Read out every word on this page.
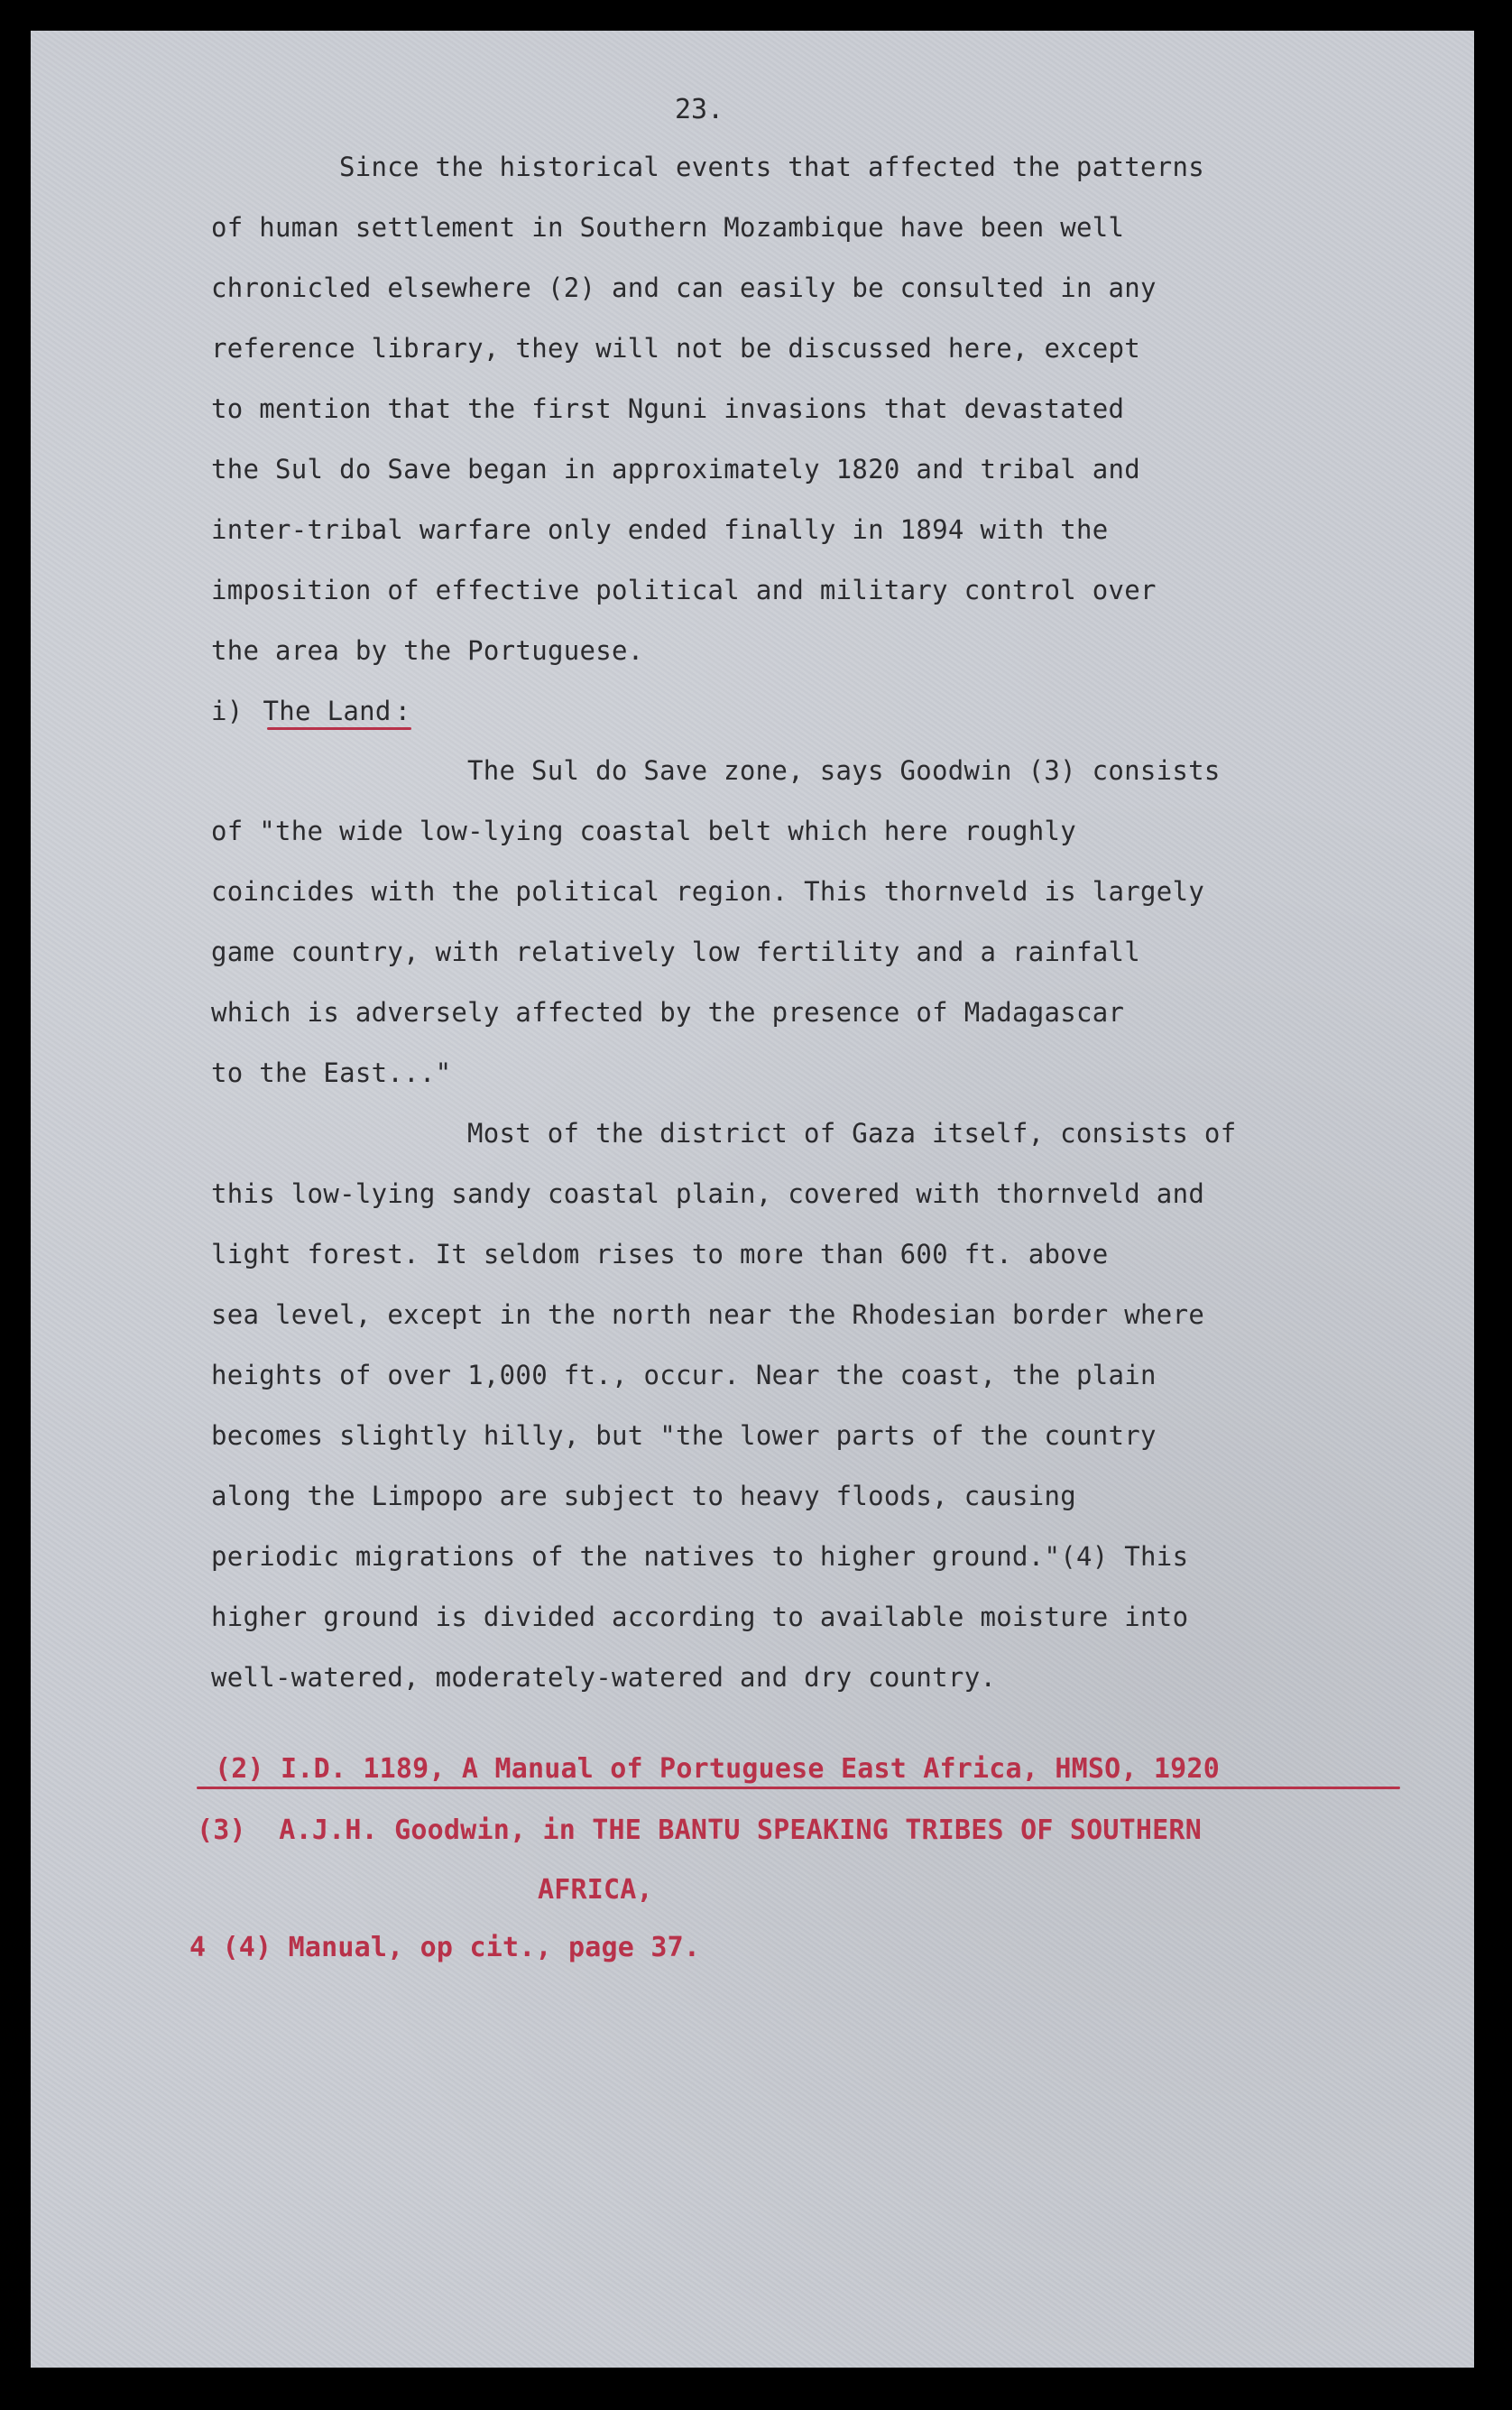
23.
Since the historical events that affected the patterns
of human settlement in Southern Mozambique have been well
chronicled elsewhere (2) and can easily be consulted in any
reference library, they will not be discussed here, except
to mention that the first Nguni invasions that devastated
the Sul do Save began in approximately 1820 and tribal and
inter-tribal warfare only ended finally in 1894 with the
imposition of effective political and military control over
the area by the Portuguese.
i) The Land :
The Sul do Save zone, says Goodwin (3) consists
of "the wide low-lying coastal belt which here roughly
coincides with the political region. This thornveld is largely
game country, with relatively low fertility and a rainfall
which is adversely affected by the presence of Madagascar
to the East..."
Most of the district of Gaza itself, consists of
this low-lying sandy coastal plain, covered with thornveld and
light forest. It seldom rises to more than 600 ft. above
sea level, except in the north near the Rhodesian border where
heights of over 1,000 ft., occur. Near the coast, the plain
becomes slightly hilly, but "the lower parts of the country
along the Limpopo are subject to heavy floods, causing
periodic migrations of the natives to higher ground."(4) This
higher ground is divided according to available moisture into
well-watered, moderately-watered and dry country.
(2) I.D. 1189, A Manual of Portuguese East Africa, HMSO, 1920
(3)  A.J.H. Goodwin, in THE BANTU SPEAKING TRIBES OF SOUTHERN
AFRICA,
4 (4) Manual, op cit., page 37.
